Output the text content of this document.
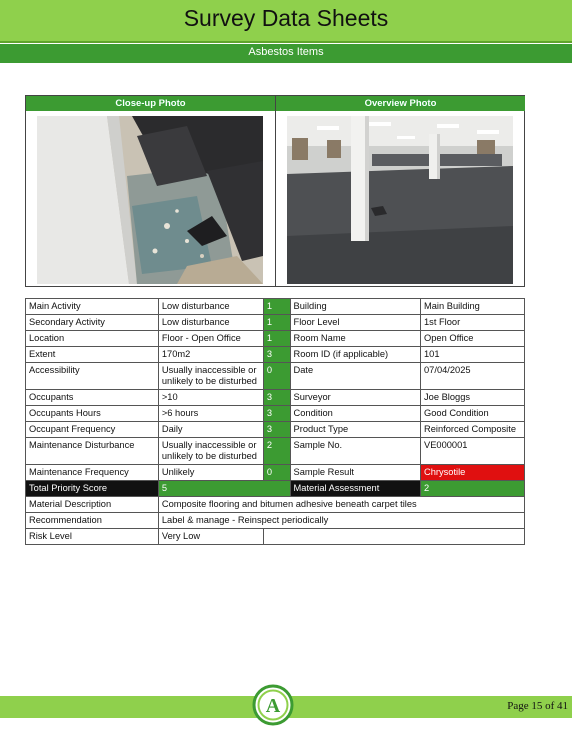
Survey Data Sheets
Asbestos Items
Close-up Photo	Overview Photo
Main Activity	Low disturbance	1	Building	Main Building
Secondary Activity	Low disturbance	1	Floor Level	1st Floor
Location	Floor - Open Office	1	Room Name	Open Office
Extent	170m2	3	Room ID (if applicable)	101
Accessibility	Usually inaccessible or unlikely to be disturbed	0	Date	07/04/2025
Occupants	>10	3	Surveyor	Joe Bloggs
Occupants Hours	>6 hours	3	Condition	Good Condition
Occupant Frequency	Daily	3	Product Type	Reinforced Composite
Maintenance Disturbance	Usually inaccessible or unlikely to be disturbed	2	Sample No.	VE000001
Maintenance Frequency	Unlikely	0	Sample Result	Chrysotile
Total Priority Score	5		Material Assessment	2
Material Description	Composite flooring and bitumen adhesive beneath carpet tiles			
Recommendation	Label & manage - Reinspect periodically			
Risk Level	Very Low			
A	Page 15 of 41
